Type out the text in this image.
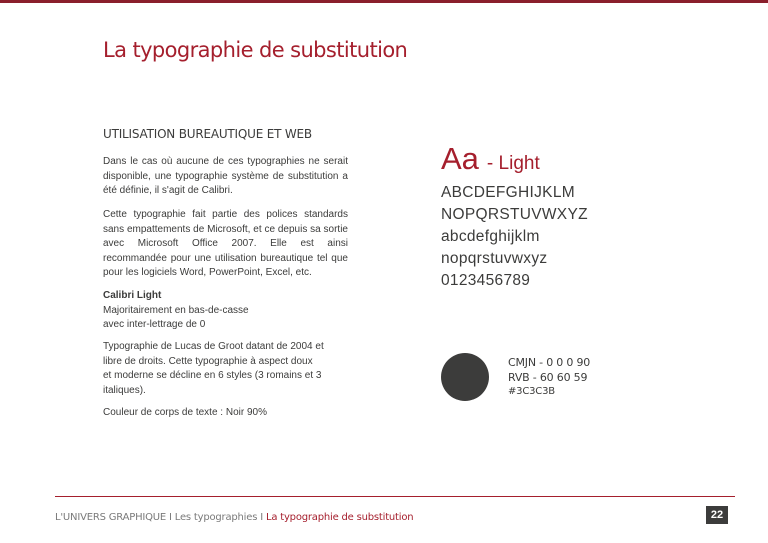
La typographie de substitution
UTILISATION BUREAUTIQUE ET WEB

Dans le cas où aucune de ces typographies ne serait disponible, une typographie système de substitution a été définie, il s'agit de Calibri.

Cette typographie fait partie des polices standards sans empattements de Microsoft, et ce depuis sa sortie avec Microsoft Office 2007. Elle est ainsi recommandée pour une utilisation bureautique tel que pour les logiciels Word, PowerPoint, Excel, etc.

Calibri Light

Majoritairement en bas-de-casse

avec inter-lettrage de 0

Typographie de Lucas de Groot datant de 2004 et

libre de droits. Cette typographie à aspect doux

et moderne se décline en 6 styles (3 romains et 3

italiques).

Couleur de corps de texte : Noir 90%

Aa - Light
ABCDEFGHIJKLM
NOPQRSTUVWXYZ
abcdefghijklm
nopqrstuvwxyz
0123456789
CMJN - 0 0 0 90
RVB - 60 60 59
#3C3C3B
L'UNIVERS GRAPHIQUE I Les typographies I La typographie de substitution	22
